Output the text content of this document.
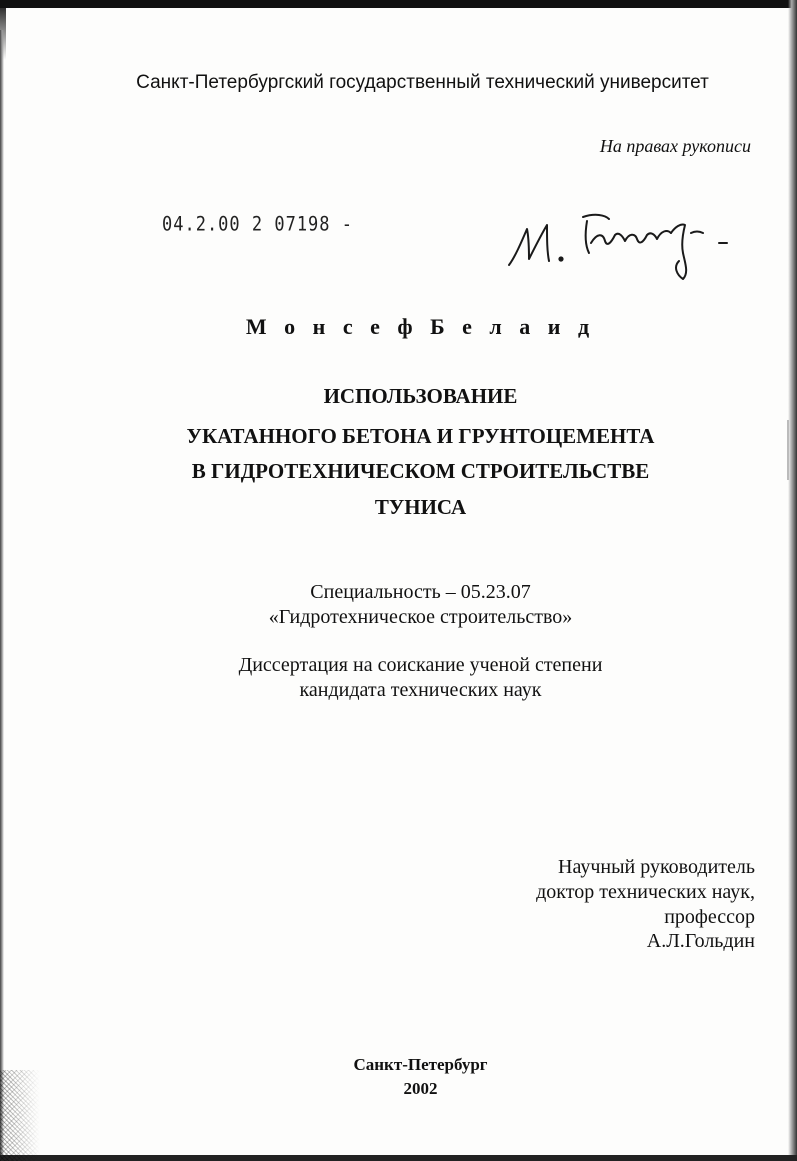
Санкт-Петербургский государственный технический университет
На правах рукописи
04.2.00 2 07198 -
М о н с е ф Б е л а и д
ИСПОЛЬЗОВАНИЕ
УКАТАННОГО БЕТОНА И ГРУНТОЦЕМЕНТА
В ГИДРОТЕХНИЧЕСКОМ СТРОИТЕЛЬСТВЕ
ТУНИСА
Специальность – 05.23.07
«Гидротехническое строительство»
Диссертация на соискание ученой степени
кандидата технических наук
Научный руководитель
доктор технических наук,
профессор
А.Л.Гольдин
Санкт-Петербург
2002
